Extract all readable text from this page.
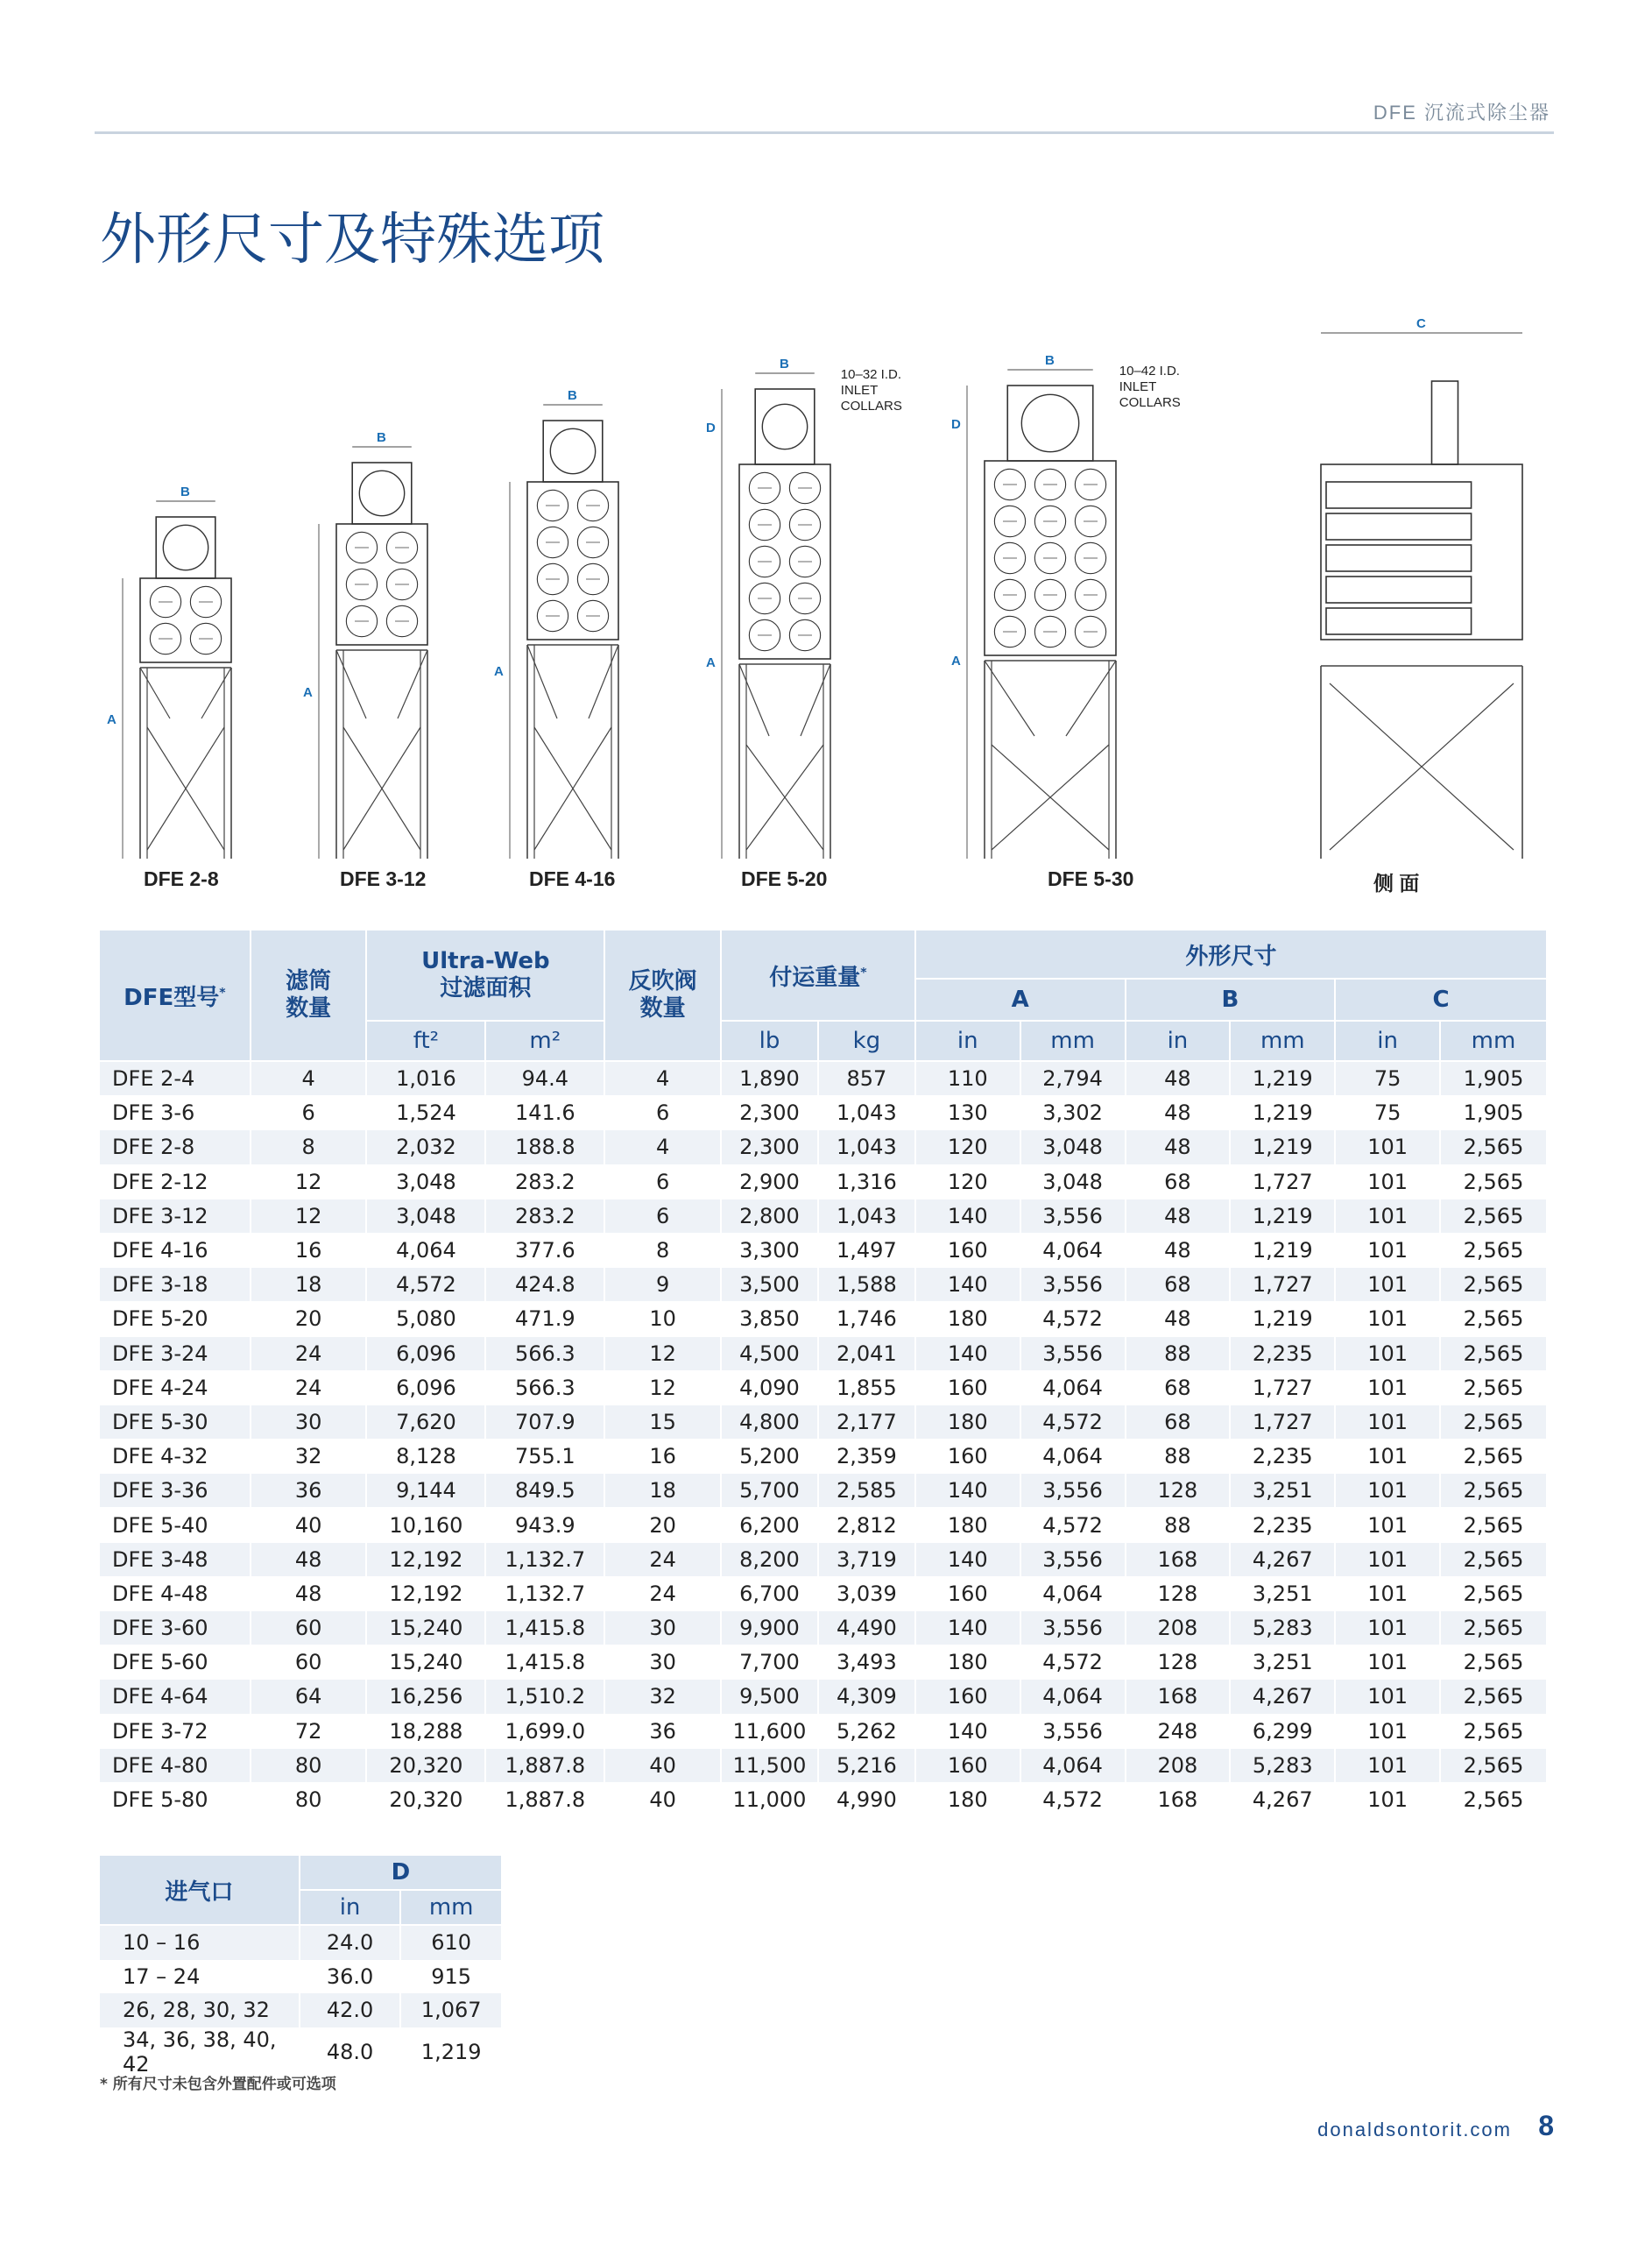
DFE 沉流式除尘器
外形尺寸及特殊选项
A
B
A
B
A
B
A
B
D
10–32 I.D.
INLET
COLLARS
A
B
D
10–42 I.D.
INLET
COLLARS
C
DFE 2-8	DFE 3-12	DFE 4-16	DFE 5-20	DFE 5-30	侧 面
DFE型号*	滤筒
数量	Ultra-Web
过滤面积		反吹阀
数量	付运重量*		外形尺寸					
							A		B		C	
		ft²	m²		lb	kg	in	mm	in	mm	in	mm
DFE 2-4	4	1,016	94.4	4	1,890	857	110	2,794	48	1,219	75	1,905
DFE 3-6	6	1,524	141.6	6	2,300	1,043	130	3,302	48	1,219	75	1,905
DFE 2-8	8	2,032	188.8	4	2,300	1,043	120	3,048	48	1,219	101	2,565
DFE 2-12	12	3,048	283.2	6	2,900	1,316	120	3,048	68	1,727	101	2,565
DFE 3-12	12	3,048	283.2	6	2,800	1,043	140	3,556	48	1,219	101	2,565
DFE 4-16	16	4,064	377.6	8	3,300	1,497	160	4,064	48	1,219	101	2,565
DFE 3-18	18	4,572	424.8	9	3,500	1,588	140	3,556	68	1,727	101	2,565
DFE 5-20	20	5,080	471.9	10	3,850	1,746	180	4,572	48	1,219	101	2,565
DFE 3-24	24	6,096	566.3	12	4,500	2,041	140	3,556	88	2,235	101	2,565
DFE 4-24	24	6,096	566.3	12	4,090	1,855	160	4,064	68	1,727	101	2,565
DFE 5-30	30	7,620	707.9	15	4,800	2,177	180	4,572	68	1,727	101	2,565
DFE 4-32	32	8,128	755.1	16	5,200	2,359	160	4,064	88	2,235	101	2,565
DFE 3-36	36	9,144	849.5	18	5,700	2,585	140	3,556	128	3,251	101	2,565
DFE 5-40	40	10,160	943.9	20	6,200	2,812	180	4,572	88	2,235	101	2,565
DFE 3-48	48	12,192	1,132.7	24	8,200	3,719	140	3,556	168	4,267	101	2,565
DFE 4-48	48	12,192	1,132.7	24	6,700	3,039	160	4,064	128	3,251	101	2,565
DFE 3-60	60	15,240	1,415.8	30	9,900	4,490	140	3,556	208	5,283	101	2,565
DFE 5-60	60	15,240	1,415.8	30	7,700	3,493	180	4,572	128	3,251	101	2,565
DFE 4-64	64	16,256	1,510.2	32	9,500	4,309	160	4,064	168	4,267	101	2,565
DFE 3-72	72	18,288	1,699.0	36	11,600	5,262	140	3,556	248	6,299	101	2,565
DFE 4-80	80	20,320	1,887.8	40	11,500	5,216	160	4,064	208	5,283	101	2,565
DFE 5-80	80	20,320	1,887.8	40	11,000	4,990	180	4,572	168	4,267	101	2,565
进气口	D	
	in	mm
10 – 16	24.0	610
17 – 24	36.0	915
26, 28, 30, 32	42.0	1,067
34, 36, 38, 40, 42	48.0	1,219
* 所有尺寸未包含外置配件或可选项
donaldsontorit.com 8
